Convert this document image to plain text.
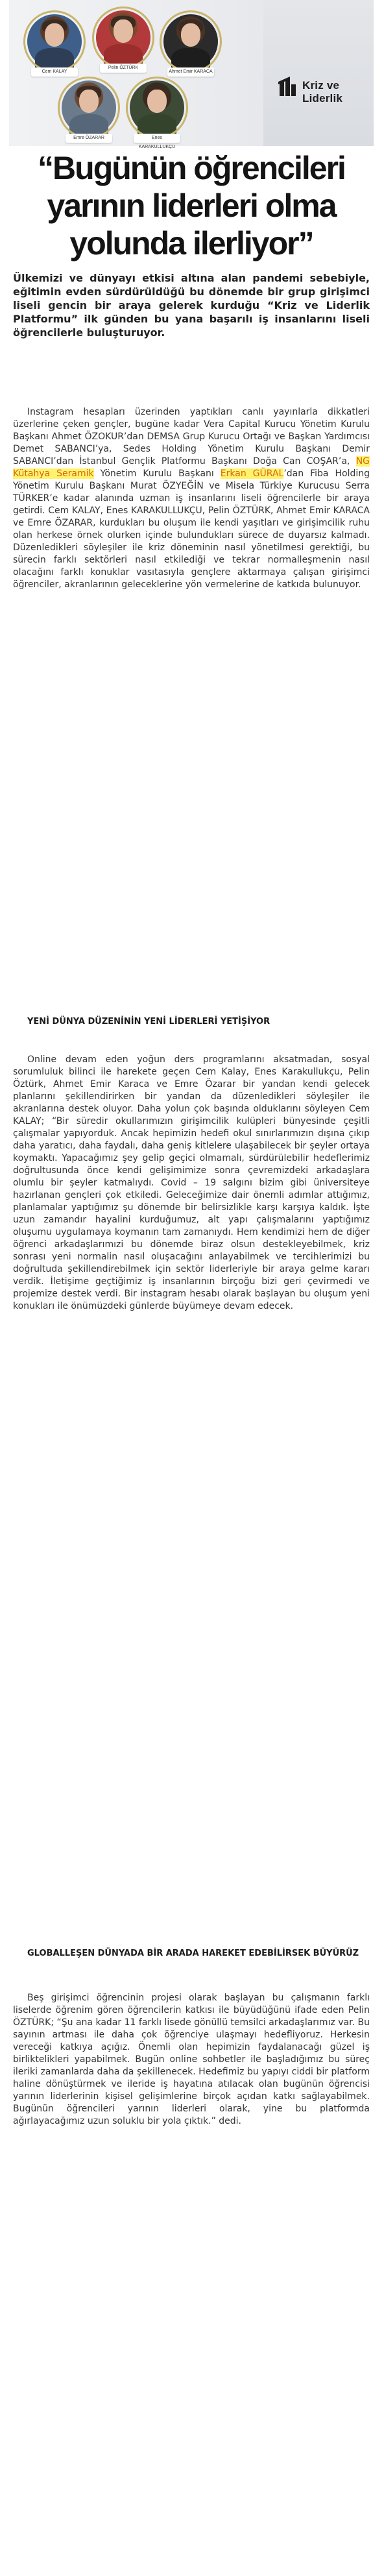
Cem KALAY
Pelin ÖZTÜRK
Ahmet Emir KARACA
Emre ÖZARAR	Enes KARAKULLUKÇU
Kriz ve Liderlik
“Bugünün öğrencileri
yarının liderleri olma
yolunda ilerliyor”

Ülkemizi ve dünyayı etkisi altına alan pandemi sebebiyle, eğitimin evden sürdürüldüğü bu dönemde bir grup girişimci liseli gencin bir araya gelerek kurduğu “Kriz ve Liderlik Platformu” ilk günden bu yana başarılı iş insanlarını liseli öğrencilerle buluşturuyor.

Instagram hesapları üzerinden yaptıkları canlı yayınlarla dikkatleri üzerlerine çeken gençler, bugüne kadar Vera Capital Kurucu Yönetim Kurulu Başkanı Ahmet ÖZOKUR’dan DEMSA Grup Kurucu Ortağı ve Başkan Yardımcısı Demet SABANCI’ya, Sedes Holding Yönetim Kurulu Başkanı Demir SABANCI’dan İstanbul Gençlik Platformu Başkanı Doğa Can COŞAR’a, NG Kütahya Seramik Yönetim Kurulu Başkanı Erkan GÜRAL’dan Fiba Holding Yönetim Kurulu Başkanı Murat ÖZYEĞİN ve Misela Türkiye Kurucusu Serra TÜRKER’e kadar alanında uzman iş insanlarını liseli öğrencilerle bir araya getirdi. Cem KALAY, Enes KARAKULLUKÇU, Pelin ÖZTÜRK, Ahmet Emir KARACA ve Emre ÖZARAR, kurdukları bu oluşum ile kendi yaşıtları ve girişimcilik ruhu olan herkese örnek olurken içinde bulundukları sürece de duyarsız kalmadı. Düzenledikleri söyleşiler ile kriz döneminin nasıl yönetilmesi gerektiği, bu sürecin farklı sektörleri nasıl etkilediği ve tekrar normalleşmenin nasıl olacağını farklı konuklar vasıtasıyla gençlere aktarmaya çalışan girişimci öğrenciler, akranlarının geleceklerine yön vermelerine de katkıda bulunuyor.

YENİ DÜNYA DÜZENİNİN YENİ LİDERLERİ YETİŞİYOR

Online devam eden yoğun ders programlarını aksatmadan, sosyal sorumluluk bilinci ile harekete geçen Cem Kalay, Enes Karakullukçu, Pelin Öztürk, Ahmet Emir Karaca ve Emre Özarar bir yandan kendi gelecek planlarını şekillendirirken bir yandan da düzenledikleri söyleşiler ile akranlarına destek oluyor. Daha yolun çok başında olduklarını söyleyen Cem KALAY; “Bir süredir okullarımızın girişimcilik kulüpleri bünyesinde çeşitli çalışmalar yapıyorduk. Ancak hepimizin hedefi okul sınırlarımızın dışına çıkıp daha yaratıcı, daha faydalı, daha geniş kitlelere ulaşabilecek bir şeyler ortaya koymaktı. Yapacağımız şey gelip geçici olmamalı, sürdürülebilir hedeflerimiz doğrultusunda önce kendi gelişimimize sonra çevremizdeki arkadaşlara olumlu bir şeyler katmalıydı. Covid – 19 salgını bizim gibi üniversiteye hazırlanan gençleri çok etkiledi. Geleceğimize dair önemli adımlar attığımız, planlamalar yaptığımız şu dönemde bir belirsizlikle karşı karşıya kaldık. İşte uzun zamandır hayalini kurduğumuz, alt yapı çalışmalarını yaptığımız oluşumu uygulamaya koymanın tam zamanıydı. Hem kendimizi hem de diğer öğrenci arkadaşlarımızi bu dönemde biraz olsun destekleyebilmek, kriz sonrası yeni normalin nasıl oluşacağını anlayabilmek ve tercihlerimizi bu doğrultuda şekillendirebilmek için sektör liderleriyle bir araya gelme kararı verdik. İletişime geçtiğimiz iş insanlarının birçoğu bizi geri çevirmedi ve projemize destek verdi. Bir instagram hesabı olarak başlayan bu oluşum yeni konukları ile önümüzdeki günlerde büyümeye devam edecek.

GLOBALLEŞEN DÜNYADA BİR ARADA HAREKET EDEBİLİRSEK BÜYÜRÜZ

Beş girişimci öğrencinin projesi olarak başlayan bu çalışmanın farklı liselerde öğrenim gören öğrencilerin katkısı ile büyüdüğünü ifade eden Pelin ÖZTÜRK; “Şu ana kadar 11 farklı lisede gönüllü temsilci arkadaşlarımız var. Bu sayının artması ile daha çok öğrenciye ulaşmayı hedefliyoruz. Herkesin vereceği katkıya açığız. Önemli olan hepimizin faydalanacağı güzel iş birliktelikleri yapabilmek. Bugün online sohbetler ile başladığımız bu süreç ileriki zamanlarda daha da şekillenecek. Hedefimiz bu yapıyı ciddi bir platform haline dönüştürmek ve ileride iş hayatına atılacak olan bugünün öğrencisi yarının liderlerinin kişisel gelişimlerine birçok açıdan katkı sağlayabilmek. Bugünün öğrencileri yarının liderleri olarak, yine bu platformda ağırlayacağımız uzun soluklu bir yola çıktık.” dedi.
